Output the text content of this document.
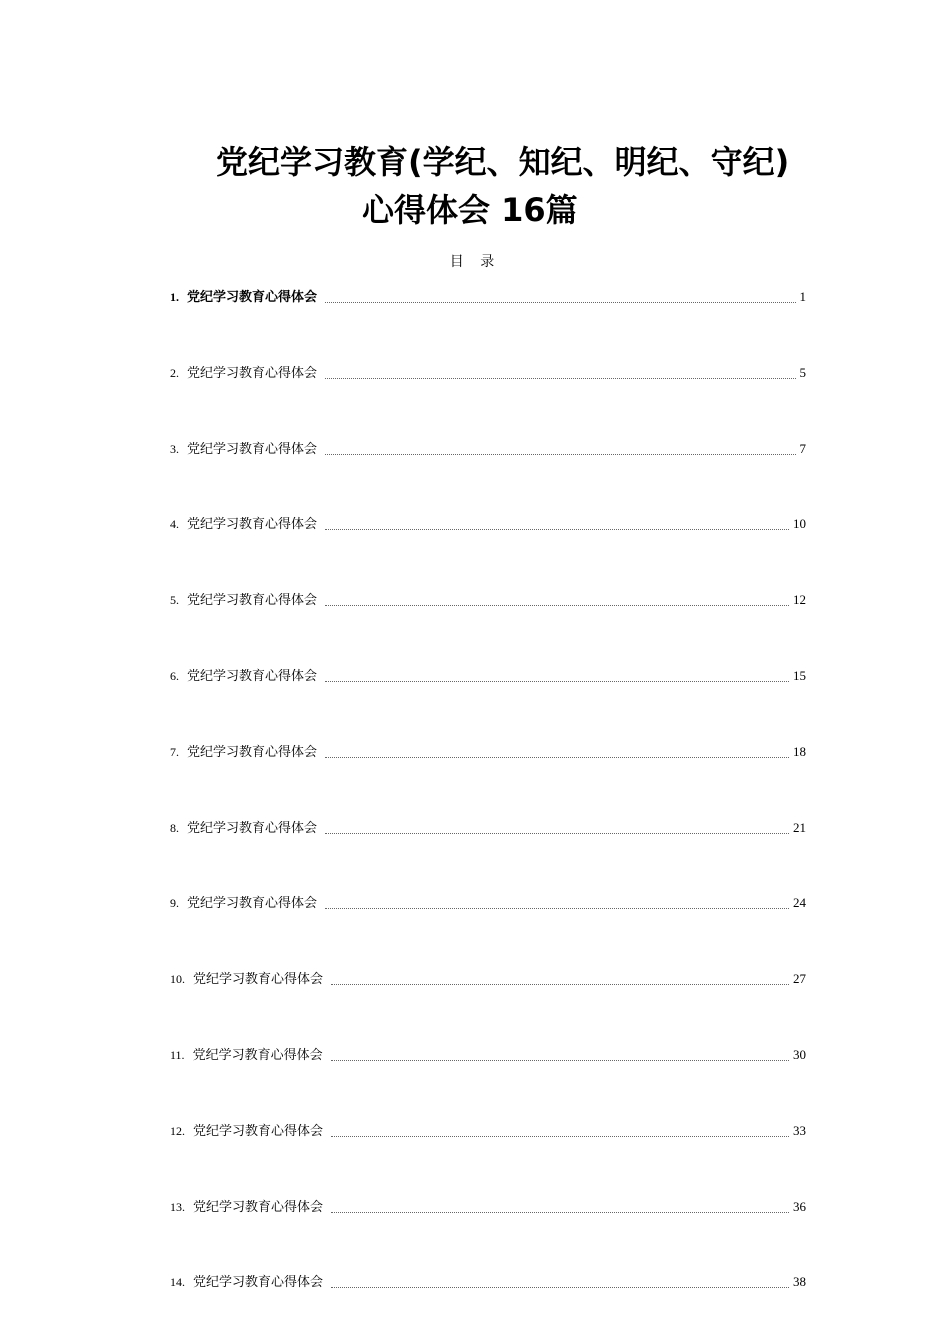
党纪学习教育(学纪、知纪、明纪、守纪)
心得体会 16篇
目 录
1. 党纪学习教育心得体会	1
2. 党纪学习教育心得体会	5
3. 党纪学习教育心得体会	7
4. 党纪学习教育心得体会	10
5. 党纪学习教育心得体会	12
6. 党纪学习教育心得体会	15
7. 党纪学习教育心得体会	18
8. 党纪学习教育心得体会	21
9. 党纪学习教育心得体会	24
10. 党纪学习教育心得体会	27
11. 党纪学习教育心得体会	30
12. 党纪学习教育心得体会	33
13. 党纪学习教育心得体会	36
14. 党纪学习教育心得体会	38
